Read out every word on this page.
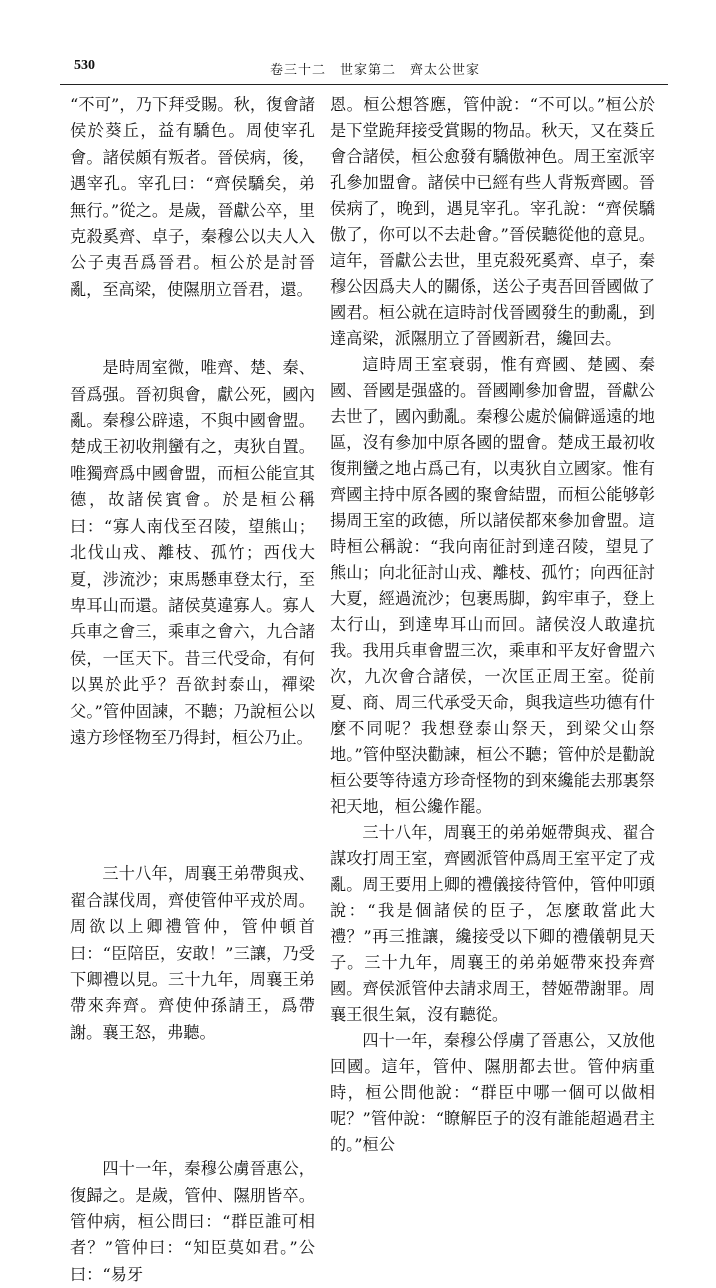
530	卷三十二　世家第二　齊太公世家

“不可”，乃下拜受賜。秋，復會諸侯於葵丘，益有驕色。周使宰孔會。諸侯頗有叛者。晉侯病，後，遇宰孔。宰孔曰：“齊侯驕矣，弟無行。”從之。是歲，晉獻公卒，里克殺奚齊、卓子，秦穆公以夫人入公子夷吾爲晉君。桓公於是討晉亂，至高梁，使隰朋立晉君，還。

是時周室微，唯齊、楚、秦、晉爲强。晉初與會，獻公死，國內亂。秦穆公辟遠，不與中國會盟。楚成王初收荆蠻有之，夷狄自置。唯獨齊爲中國會盟，而桓公能宣其德，故諸侯賓會。於是桓公稱曰：“寡人南伐至召陵，望熊山；北伐山戎、離枝、孤竹；西伐大夏，涉流沙；束馬懸車登太行，至卑耳山而還。諸侯莫違寡人。寡人兵車之會三，乘車之會六，九合諸侯，一匡天下。昔三代受命，有何以異於此乎？吾欲封泰山，禪梁父。”管仲固諫，不聽；乃說桓公以遠方珍怪物至乃得封，桓公乃止。

三十八年，周襄王弟帶與戎、翟合謀伐周，齊使管仲平戎於周。周欲以上卿禮管仲，管仲頓首曰：“臣陪臣，安敢！”三讓，乃受下卿禮以見。三十九年，周襄王弟帶來奔齊。齊使仲孫請王，爲帶謝。襄王怒，弗聽。

四十一年，秦穆公虜晉惠公，復歸之。是歲，管仲、隰朋皆卒。管仲病，桓公問曰：“群臣誰可相者？”管仲曰：“知臣莫如君。”公曰：“易牙

恩。桓公想答應，管仲說：“不可以。”桓公於是下堂跪拜接受賞賜的物品。秋天，又在葵丘會合諸侯，桓公愈發有驕傲神色。周王室派宰孔參加盟會。諸侯中已經有些人背叛齊國。晉侯病了，晚到，遇見宰孔。宰孔說：“齊侯驕傲了，你可以不去赴會。”晉侯聽從他的意見。這年，晉獻公去世，里克殺死奚齊、卓子，秦穆公因爲夫人的關係，送公子夷吾回晉國做了國君。桓公就在這時討伐晉國發生的動亂，到達高梁，派隰朋立了晉國新君，纔回去。

這時周王室衰弱，惟有齊國、楚國、秦國、晉國是强盛的。晉國剛參加會盟，晉獻公去世了，國內動亂。秦穆公處於偏僻遥遠的地區，沒有參加中原各國的盟會。楚成王最初收復荆蠻之地占爲己有，以夷狄自立國家。惟有齊國主持中原各國的聚會結盟，而桓公能够彰揚周王室的政德，所以諸侯都來參加會盟。這時桓公稱說：“我向南征討到達召陵，望見了熊山；向北征討山戎、離枝、孤竹；向西征討大夏，經過流沙；包裹馬脚，鈎牢車子，登上太行山，到達卑耳山而回。諸侯沒人敢違抗我。我用兵車會盟三次，乘車和平友好會盟六次，九次會合諸侯，一次匡正周王室。從前夏、商、周三代承受天命，與我這些功德有什麼不同呢？我想登泰山祭天，到梁父山祭地。”管仲堅決勸諫，桓公不聽；管仲於是勸說桓公要等待遠方珍奇怪物的到來纔能去那裏祭祀天地，桓公纔作罷。

三十八年，周襄王的弟弟姬帶與戎、翟合謀攻打周王室，齊國派管仲爲周王室平定了戎亂。周王要用上卿的禮儀接待管仲，管仲叩頭說：“我是個諸侯的臣子，怎麼敢當此大禮？”再三推讓，纔接受以下卿的禮儀朝見天子。三十九年，周襄王的弟弟姬帶來投奔齊國。齊侯派管仲去請求周王，替姬帶謝罪。周襄王很生氣，沒有聽從。

四十一年，秦穆公俘虜了晉惠公，又放他回國。這年，管仲、隰朋都去世。管仲病重時，桓公問他說：“群臣中哪一個可以做相呢？”管仲說：“瞭解臣子的沒有誰能超過君主的。”桓公
